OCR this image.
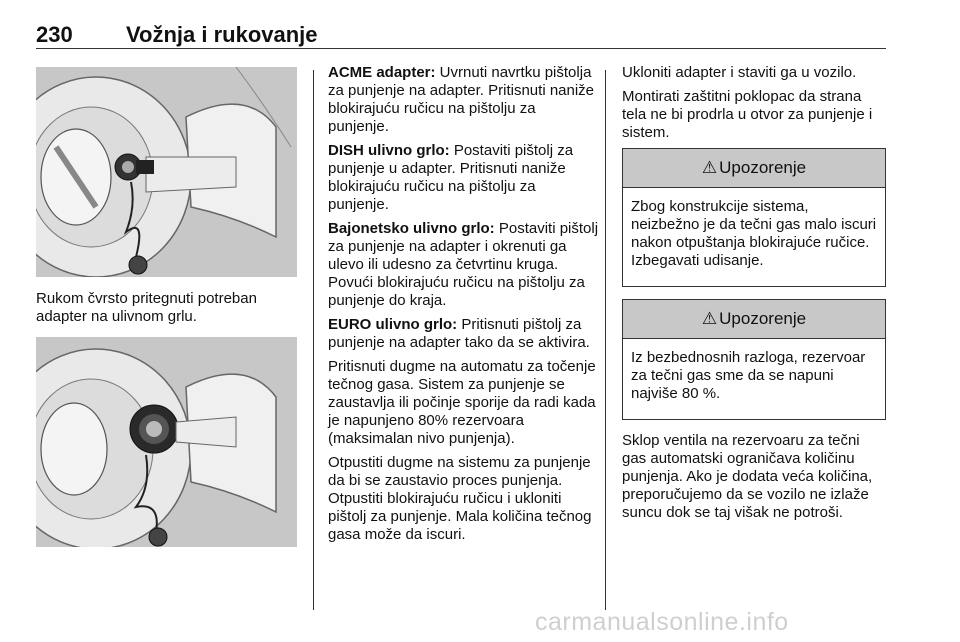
230 Vožnja i rukovanje

Rukom čvrsto pritegnuti potreban adapter na ulivnom grlu.

ACME adapter: Uvrnuti navrtku pištolja za punjenje na adapter. Pritisnuti naniže blokirajuću ručicu na pištolju za punjenje.

DISH ulivno grlo: Postaviti pištolj za punjenje u adapter. Pritisnuti naniže blokirajuću ručicu na pištolju za punjenje.

Bajonetsko ulivno grlo: Postaviti pištolj za punjenje na adapter i okrenuti ga ulevo ili udesno za četvrtinu kruga. Povući blokirajuću ručicu na pištolju za punjenje do kraja.

EURO ulivno grlo: Pritisnuti pištolj za punjenje na adapter tako da se aktivira.

Pritisnuti dugme na automatu za točenje tečnog gasa. Sistem za punjenje se zaustavlja ili počinje sporije da radi kada je napunjeno 80% rezervoara (maksimalan nivo punjenja).

Otpustiti dugme na sistemu za punjenje da bi se zaustavio proces punjenja. Otpustiti blokirajuću ručicu i ukloniti pištolj za punjenje. Mala količina tečnog gasa može da iscuri.

Ukloniti adapter i staviti ga u vozilo.

Montirati zaštitni poklopac da strana tela ne bi prodrla u otvor za punjenje i sistem.

⚠ Upozorenje

Zbog konstrukcije sistema, neizbežno je da tečni gas malo iscuri nakon otpuštanja blokirajuće ručice. Izbegavati udisanje.

⚠ Upozorenje

Iz bezbednosnih razloga, rezervoar za tečni gas sme da se napuni najviše 80 %.

Sklop ventila na rezervoaru za tečni gas automatski ograničava količinu punjenja. Ako je dodata veća količina, preporučujemo da se vozilo ne izlaže suncu dok se taj višak ne potroši.

carmanualsonline.info
